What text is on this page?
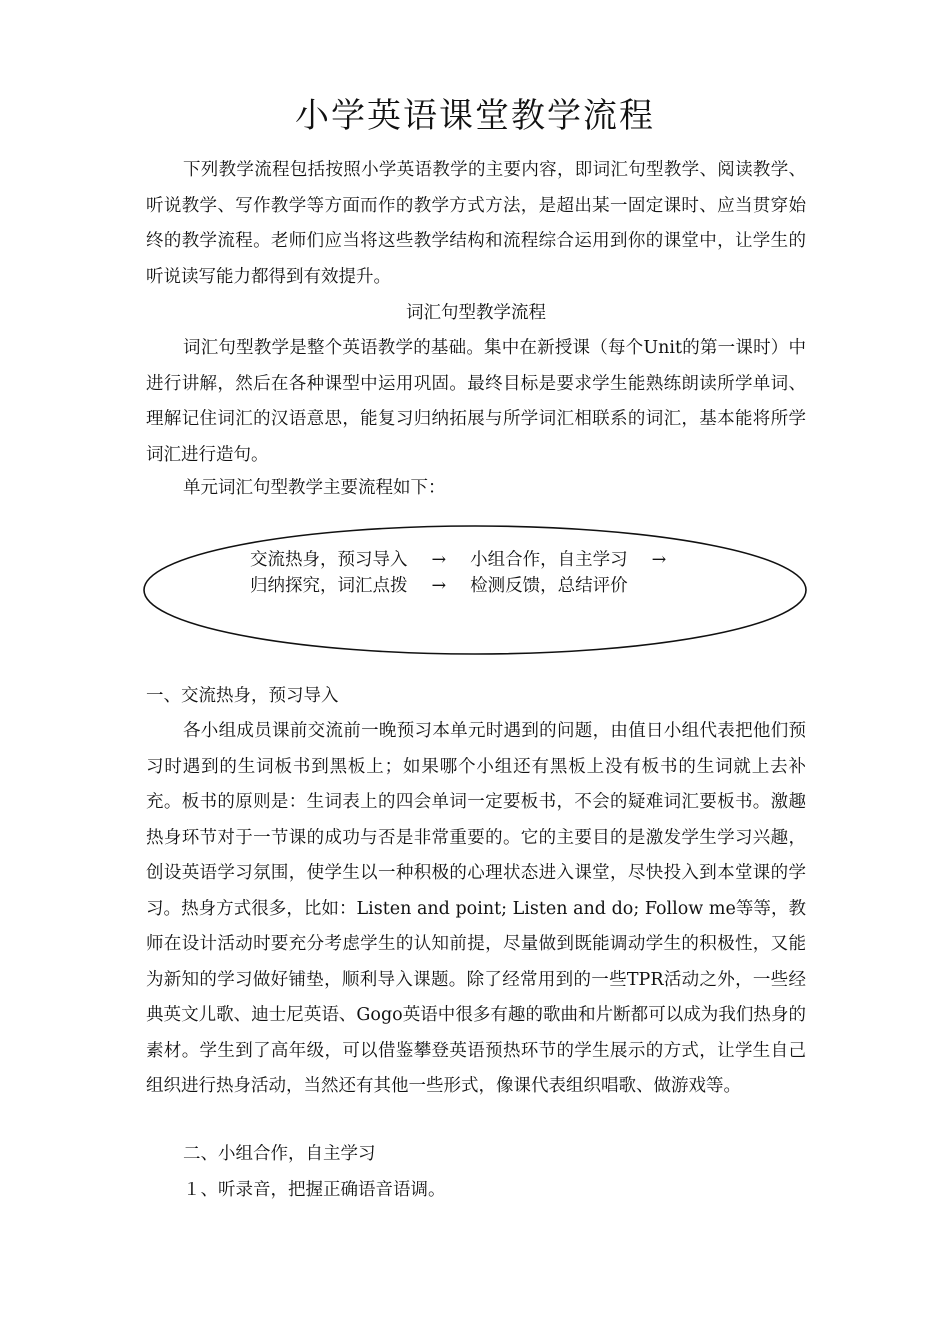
小学英语课堂教学流程

下列教学流程包括按照小学英语教学的主要内容，即词汇句型教学、阅读教学、听说教学、写作教学等方面而作的教学方式方法，是超出某一固定课时、应当贯穿始终的教学流程。老师们应当将这些教学结构和流程综合运用到你的课堂中，让学生的听说读写能力都得到有效提升。

词汇句型教学流程

词汇句型教学是整个英语教学的基础。集中在新授课（每个Unit的第一课时）中进行讲解，然后在各种课型中运用巩固。最终目标是要求学生能熟练朗读所学单词、理解记住词汇的汉语意思，能复习归纳拓展与所学词汇相联系的词汇，基本能将所学词汇进行造句。

单元词汇句型教学主要流程如下：

交流热身，预习导入 → 小组合作，自主学习 →
归纳探究，词汇点拨 → 检测反馈，总结评价

一、交流热身，预习导入

各小组成员课前交流前一晚预习本单元时遇到的问题，由值日小组代表把他们预习时遇到的生词板书到黑板上；如果哪个小组还有黑板上没有板书的生词就上去补充。板书的原则是：生词表上的四会单词一定要板书，不会的疑难词汇要板书。激趣热身环节对于一节课的成功与否是非常重要的。它的主要目的是激发学生学习兴趣，创设英语学习氛围，使学生以一种积极的心理状态进入课堂，尽快投入到本堂课的学习。热身方式很多，比如：Listen and point; Listen and do; Follow me等等，教师在设计活动时要充分考虑学生的认知前提，尽量做到既能调动学生的积极性，又能为新知的学习做好铺垫，顺利导入课题。除了经常用到的一些TPR活动之外，一些经典英文儿歌、迪士尼英语、Gogo英语中很多有趣的歌曲和片断都可以成为我们热身的素材。学生到了高年级，可以借鉴攀登英语预热环节的学生展示的方式，让学生自己组织进行热身活动，当然还有其他一些形式，像课代表组织唱歌、做游戏等。

二、小组合作，自主学习

１、听录音，把握正确语音语调。
